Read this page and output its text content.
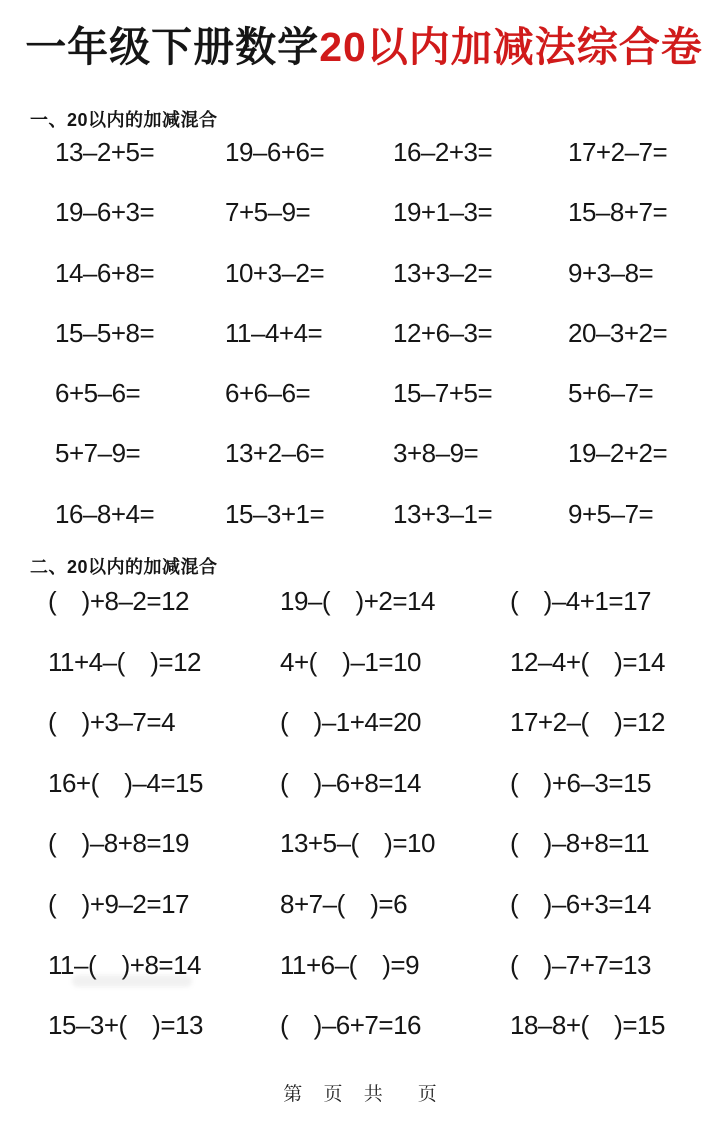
一年级下册数学20以内加减法综合卷
一、20以内的加减混合
13–2+5=	19–6+6=	16–2+3=	17+2–7=
19–6+3=	7+5–9=	19+1–3=	15–8+7=
14–6+8=	10+3–2=	13+3–2=	9+3–8=
15–5+8=	11–4+4=	12+6–3=	20–3+2=
6+5–6=	6+6–6=	15–7+5=	5+6–7=
5+7–9=	13+2–6=	3+8–9=	19–2+2=
16–8+4=	15–3+1=	13+3–1=	9+5–7=
二、20以内的加减混合
(　)+8–2=12	19–(　)+2=14	(　)–4+1=17
11+4–(　)=12	4+(　)–1=10	12–4+(　)=14
(　)+3–7=4	(　)–1+4=20	17+2–(　)=12
16+(　)–4=15	(　)–6+8=14	(　)+6–3=15
(　)–8+8=19	13+5–(　)=10	(　)–8+8=11
(　)+9–2=17	8+7–(　)=6	(　)–6+3=14
11–(　)+8=14	11+6–(　)=9	(　)–7+7=13
15–3+(　)=13	(　)–6+7=16	18–8+(　)=15
第 页 共　页
